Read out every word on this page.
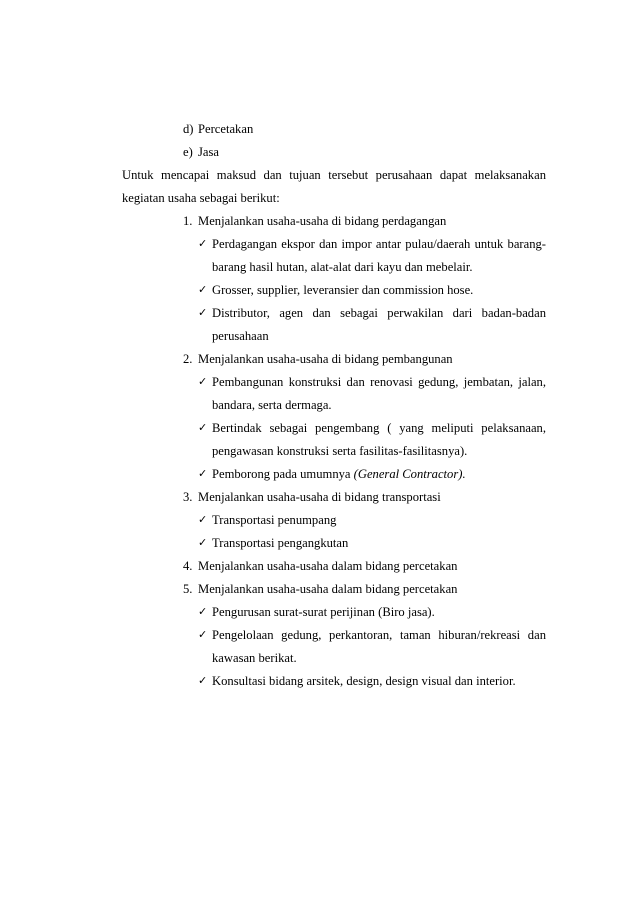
d) Percetakan
e) Jasa
Untuk mencapai maksud dan tujuan tersebut perusahaan dapat melaksanakan
kegiatan usaha sebagai berikut:
1. Menjalankan usaha-usaha di bidang perdagangan
✓ Perdagangan ekspor dan impor antar pulau/daerah untuk barang-
barang hasil hutan, alat-alat dari kayu dan mebelair.
✓ Grosser, supplier, leveransier dan commission hose.
✓ Distributor, agen dan sebagai perwakilan dari badan-badan
perusahaan
2. Menjalankan usaha-usaha di bidang pembangunan
✓ Pembangunan konstruksi dan renovasi gedung, jembatan, jalan,
bandara, serta dermaga.
✓ Bertindak sebagai pengembang ( yang meliputi pelaksanaan,
pengawasan konstruksi serta fasilitas-fasilitasnya).
✓ Pemborong pada umumnya (General Contractor).
3. Menjalankan usaha-usaha di bidang transportasi
✓ Transportasi penumpang
✓ Transportasi pengangkutan
4. Menjalankan usaha-usaha dalam bidang percetakan
5. Menjalankan usaha-usaha dalam bidang percetakan
✓ Pengurusan surat-surat perijinan (Biro jasa).
✓ Pengelolaan gedung, perkantoran, taman hiburan/rekreasi dan
kawasan berikat.
✓ Konsultasi bidang arsitek, design, design visual dan interior.
